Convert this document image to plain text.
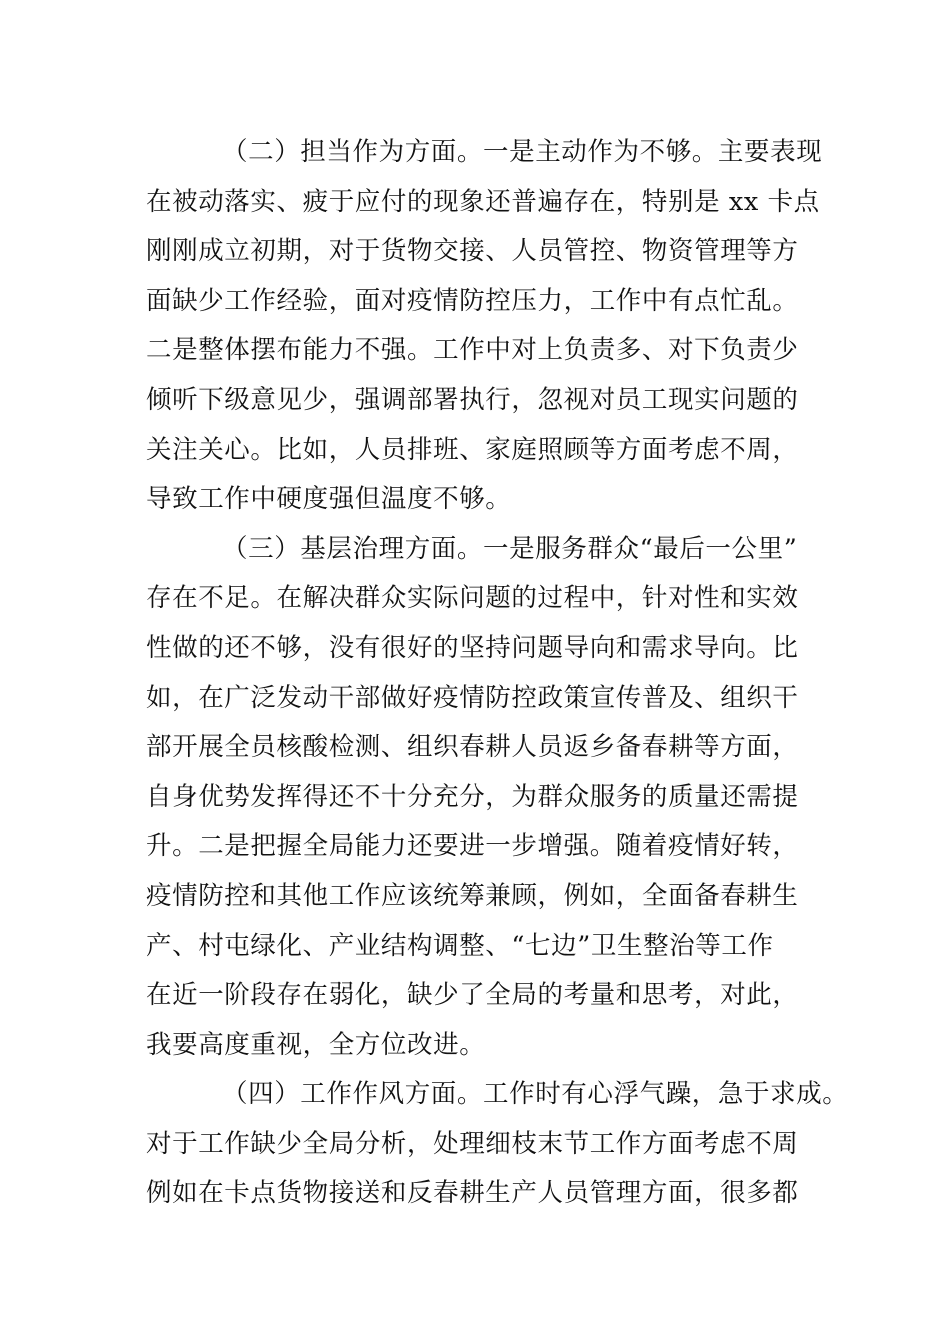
（二）担当作为方面。一是主动作为不够。主要表现
在被动落实、疲于应付的现象还普遍存在，特别是 xx 卡点
刚刚成立初期，对于货物交接、人员管控、物资管理等方
面缺少工作经验，面对疫情防控压力，工作中有点忙乱。
二是整体摆布能力不强。工作中对上负责多、对下负责少
倾听下级意见少，强调部署执行，忽视对员工现实问题的
关注关心。比如，人员排班、家庭照顾等方面考虑不周，
导致工作中硬度强但温度不够。
（三）基层治理方面。一是服务群众“最后一公里”
存在不足。在解决群众实际问题的过程中，针对性和实效
性做的还不够，没有很好的坚持问题导向和需求导向。比
如，在广泛发动干部做好疫情防控政策宣传普及、组织干
部开展全员核酸检测、组织春耕人员返乡备春耕等方面，
自身优势发挥得还不十分充分，为群众服务的质量还需提
升。二是把握全局能力还要进一步增强。随着疫情好转，
疫情防控和其他工作应该统筹兼顾，例如，全面备春耕生
产、村屯绿化、产业结构调整、“七边”卫生整治等工作
在近一阶段存在弱化，缺少了全局的考量和思考，对此，
我要高度重视，全方位改进。
（四）工作作风方面。工作时有心浮气躁，急于求成。
对于工作缺少全局分析，处理细枝末节工作方面考虑不周
例如在卡点货物接送和反春耕生产人员管理方面，很多都
